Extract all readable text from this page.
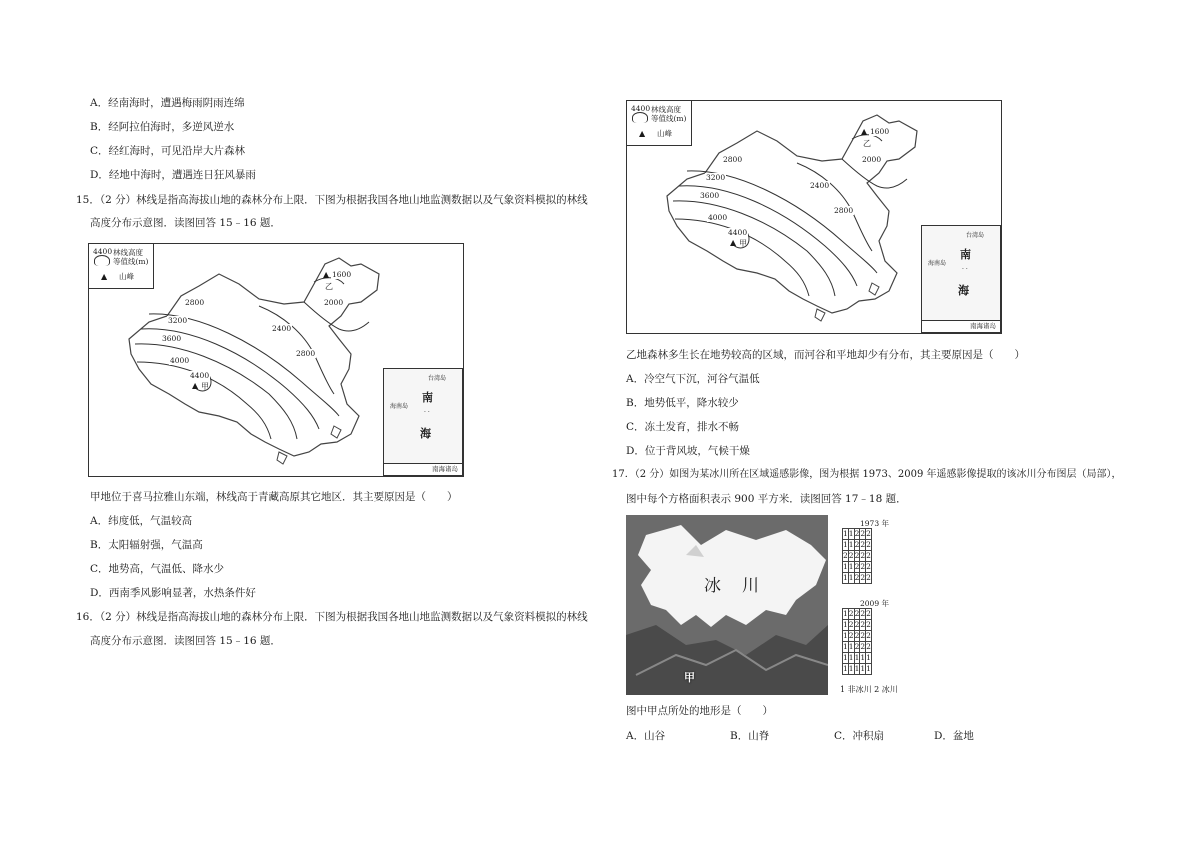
A．经南海时，遭遇梅雨阴雨连绵
B．经阿拉伯海时，多逆风逆水
C．经红海时，可见沿岸大片森林
D．经地中海时，遭遇连日狂风暴雨
15．（2 分）林线是指高海拔山地的森林分布上限．下图为根据我国各地山地监测数据以及气象资料模拟的林线
高度分布示意图．读图回答 15﹣16 题．
4400 林线高度
等值线(m)
▲ 山峰
2800
3200
3600
4000
2400
2800
2000
1600
▲
乙
4400
▲ 甲
台湾岛
海南岛
南
· ·
海
南海诸岛
甲地位于喜马拉雅山东端，林线高于青藏高原其它地区．其主要原因是（　　）
A．纬度低，气温较高
B．太阳辐射强，气温高
C．地势高，气温低、降水少
D．西南季风影响显著，水热条件好
16．（2 分）林线是指高海拔山地的森林分布上限．下图为根据我国各地山地监测数据以及气象资料模拟的林线
高度分布示意图．读图回答 15﹣16 题．
4400 林线高度
等值线(m)
▲ 山峰
2800
3200
3600
4000
2400
2800
2000
1600
▲
乙
4400
▲ 甲
台湾岛
海南岛
南
· ·
海
南海诸岛
乙地森林多生长在地势较高的区域，而河谷和平地却少有分布，其主要原因是（　　）
A．冷空气下沉，河谷气温低
B．地势低平，降水较少
C．冻土发育，排水不畅
D．位于背风坡，气候干燥
17．（2 分）如图为某冰川所在区域遥感影像，图为根据 1973、2009 年遥感影像提取的该冰川分布图层（局部），
图中每个方格面积表示 900 平方米．读图回答 17﹣18 题．
冰　川
甲
1973 年
1	1	2	2	2
1	1	2	2	2
2	2	2	2	2
1	1	2	2	2
1	1	2	2	2
2009 年
1	2	2	2	2
1	2	2	2	2
1	2	2	2	2
1	1	2	2	2
1	1	1	1	1
1	1	1	1	1
1 非冰川 2 冰川
图中甲点所处的地形是（　　）
A．山谷	B．山脊	C．冲积扇	D．盆地
